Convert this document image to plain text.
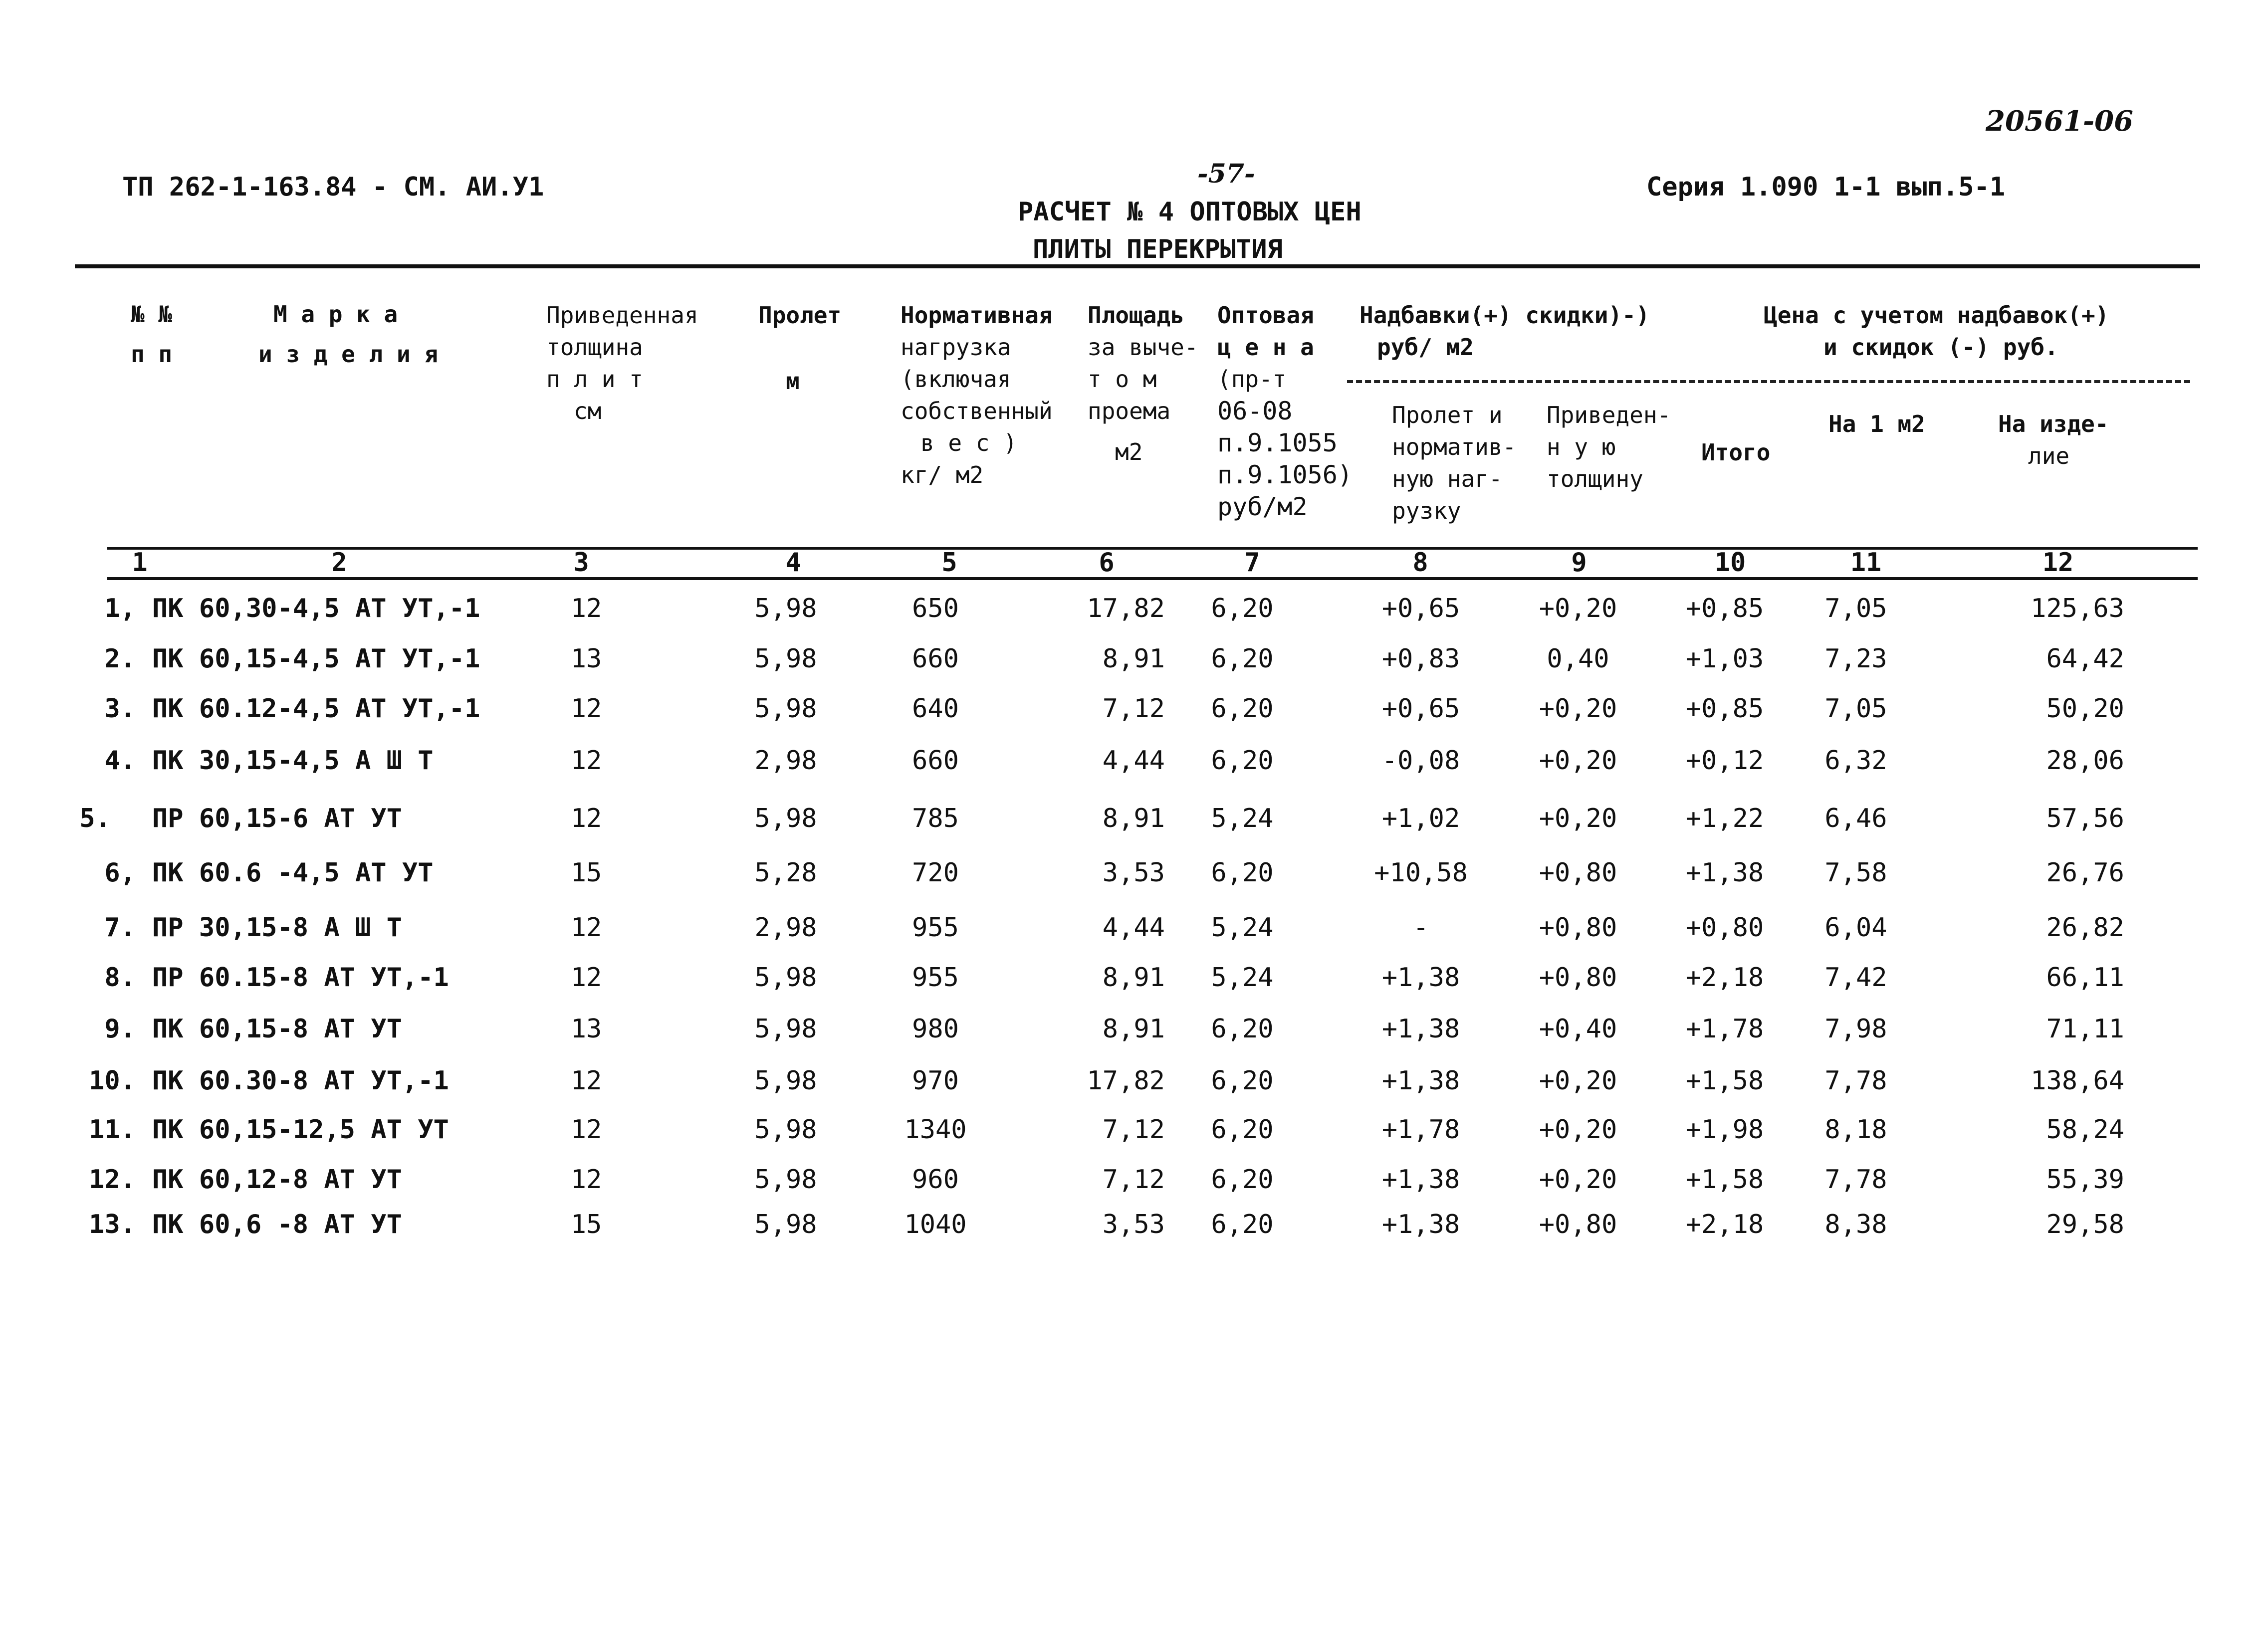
20561-06
-57-
ТП 262-1-163.84 - СМ. АИ.У1	Серия 1.090 1-1 вып.5-1
РАСЧЕТ № 4 ОПТОВЫХ ЦЕН
ПЛИТЫ ПЕРЕКРЫТИЯ
№ №
п п
М а р к а
и з д е л и я
Приведенная
толщина
п л и т
см
Пролет
м
Нормативная
нагрузка
(включая
собственный
в е с )
кг/ м2
Площадь
за выче-
т о м
проема
м2
Оптовая
ц е н а
(пр-т
06-08
п.9.1055
п.9.1056)
руб/м2
Надбавки(+) скидки)-)
руб/ м2
Цена с учетом надбавок(+)
и скидок (-) руб.
Пролет и
норматив-
ную наг-
рузку
Приведен-
н у ю
толщину
Итого
На 1 м2	На изде-
лие
1	2	3	4	5	6	7	8	9	10	11	12
1, ПК 60,30-4,5 АТ УТ,-1	12	5,98	650	17,82 6,20	+0,65	+0,20	+0,85 7,05	125,63
2. ПК 60,15-4,5 АТ УТ,-1	13	5,98	660	8,91 6,20	+0,83	0,40	+1,03 7,23	64,42
3. ПК 60.12-4,5 АТ УТ,-1	12	5,98	640	7,12 6,20	+0,65	+0,20	+0,85 7,05	50,20
4. ПК 30,15-4,5 А Ш Т	12	2,98	660	4,44 6,20	-0,08	+0,20	+0,12 6,32	28,06
5. ПР 60,15-6 АТ УТ	12	5,98	785	8,91 5,24	+1,02	+0,20	+1,22 6,46	57,56
6, ПК 60.6 -4,5 АТ УТ	15	5,28	720	3,53 6,20	+10,58	+0,80	+1,38 7,58	26,76
7. ПР 30,15-8 А Ш Т	12	2,98	955	4,44 5,24	-	+0,80	+0,80 6,04	26,82
8. ПР 60.15-8 АТ УТ,-1	12	5,98	955	8,91 5,24	+1,38	+0,80	+2,18 7,42	66,11
9. ПК 60,15-8 АТ УТ	13	5,98	980	8,91 6,20	+1,38	+0,40	+1,78 7,98	71,11
10. ПК 60.30-8 АТ УТ,-1	12	5,98	970	17,82 6,20	+1,38	+0,20	+1,58 7,78	138,64
11. ПК 60,15-12,5 АТ УТ	12	5,98	1340	7,12 6,20	+1,78	+0,20	+1,98 8,18	58,24
12. ПК 60,12-8 АТ УТ	12	5,98	960	7,12 6,20	+1,38	+0,20	+1,58 7,78	55,39
13. ПК 60,6 -8 АТ УТ	15	5,98	1040	3,53 6,20	+1,38	+0,80	+2,18 8,38	29,58
